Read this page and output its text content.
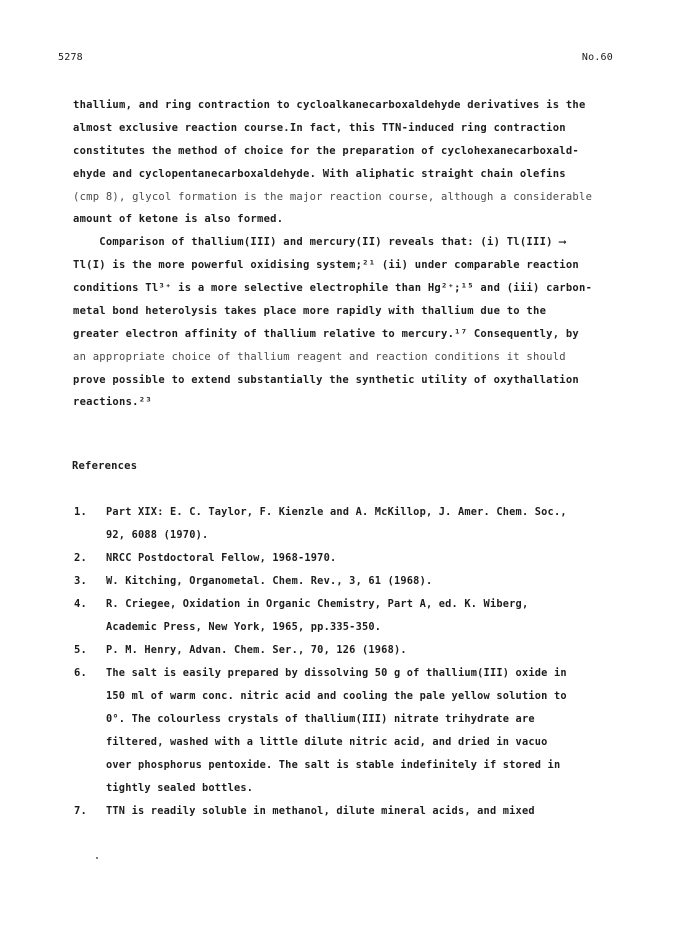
5278	No.60
thallium, and ring contraction to cycloalkanecarboxaldehyde derivatives is the
almost exclusive reaction course.In fact, this TTN-induced ring contraction
constitutes the method of choice for the preparation of cyclohexanecarboxald-
ehyde and cyclopentanecarboxaldehyde. With aliphatic straight chain olefins
(cmp 8), glycol formation is the major reaction course, although a considerable
amount of ketone is also formed.
Comparison of thallium(III) and mercury(II) reveals that: (i) Tl(III) ⟶
Tl(I) is the more powerful oxidising system;²¹ (ii) under comparable reaction
conditions Tl³⁺ is a more selective electrophile than Hg²⁺;¹⁵ and (iii) carbon-
metal bond heterolysis takes place more rapidly with thallium due to the
greater electron affinity of thallium relative to mercury.¹⁷ Consequently, by
an appropriate choice of thallium reagent and reaction conditions it should
prove possible to extend substantially the synthetic utility of oxythallation
reactions.²³
References
1. Part XIX: E. C. Taylor, F. Kienzle and A. McKillop, J. Amer. Chem. Soc.,
92, 6088 (1970).
2. NRCC Postdoctoral Fellow, 1968-1970.
3. W. Kitching, Organometal. Chem. Rev., 3, 61 (1968).
4. R. Criegee, Oxidation in Organic Chemistry, Part A, ed. K. Wiberg,
Academic Press, New York, 1965, pp.335-350.
5. P. M. Henry, Advan. Chem. Ser., 70, 126 (1968).
6. The salt is easily prepared by dissolving 50 g of thallium(III) oxide in
150 ml of warm conc. nitric acid and cooling the pale yellow solution to
0°. The colourless crystals of thallium(III) nitrate trihydrate are
filtered, washed with a little dilute nitric acid, and dried in vacuo
over phosphorus pentoxide. The salt is stable indefinitely if stored in
tightly sealed bottles.
7. TTN is readily soluble in methanol, dilute mineral acids, and mixed
